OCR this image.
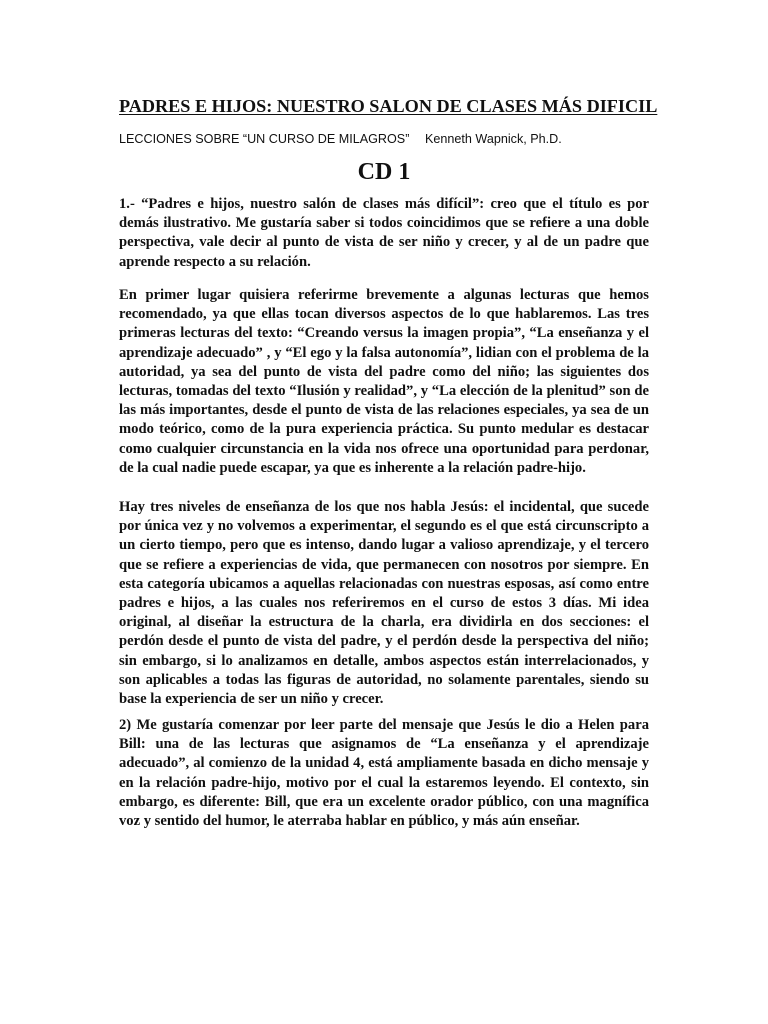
PADRES E HIJOS: NUESTRO SALON DE CLASES MÁS DIFICIL
LECCIONES SOBRE “UN CURSO DE MILAGROS” Kenneth Wapnick, Ph.D.
CD 1

1.- “Padres e hijos, nuestro salón de clases más difícil”: creo que el título es por demás ilustrativo. Me gustaría saber si todos coincidimos que se refiere a una doble perspectiva, vale decir al punto de vista de ser niño y crecer, y al de un padre que aprende respecto a su relación.

En primer lugar quisiera referirme brevemente a algunas lecturas que hemos recomendado, ya que ellas tocan diversos aspectos de lo que hablaremos. Las tres primeras lecturas del texto: “Creando versus la imagen propia”, “La enseñanza y el aprendizaje adecuado” , y “El ego y la falsa autonomía”, lidian con el problema de la autoridad, ya sea del punto de vista del padre como del niño; las siguientes dos lecturas, tomadas del texto “Ilusión y realidad”, y “La elección de la plenitud” son de las más importantes, desde el punto de vista de las relaciones especiales, ya sea de un modo teórico, como de la pura experiencia práctica. Su punto medular es destacar como cualquier circunstancia en la vida nos ofrece una oportunidad para perdonar, de la cual nadie puede escapar, ya que es inherente a la relación padre-hijo.

Hay tres niveles de enseñanza de los que nos habla Jesús: el incidental, que sucede por única vez y no volvemos a experimentar, el segundo es el que está circunscripto a un cierto tiempo, pero que es intenso, dando lugar a valioso aprendizaje, y el tercero que se refiere a experiencias de vida, que permanecen con nosotros por siempre. En esta categoría ubicamos a aquellas relacionadas con nuestras esposas, así como entre padres e hijos, a las cuales nos referiremos en el curso de estos 3 días. Mi idea original, al diseñar la estructura de la charla, era dividirla en dos secciones: el perdón desde el punto de vista del padre, y el perdón desde la perspectiva del niño; sin embargo, si lo analizamos en detalle, ambos aspectos están interrelacionados, y son aplicables a todas las figuras de autoridad, no solamente parentales, siendo su base la experiencia de ser un niño y crecer.

2) Me gustaría comenzar por leer parte del mensaje que Jesús le dio a Helen para Bill: una de las lecturas que asignamos de “La enseñanza y el aprendizaje adecuado”, al comienzo de la unidad 4, está ampliamente basada en dicho mensaje y en la relación padre-hijo, motivo por el cual la estaremos leyendo. El contexto, sin embargo, es diferente: Bill, que era un excelente orador público, con una magnífica voz y sentido del humor, le aterraba hablar en público, y más aún enseñar.
